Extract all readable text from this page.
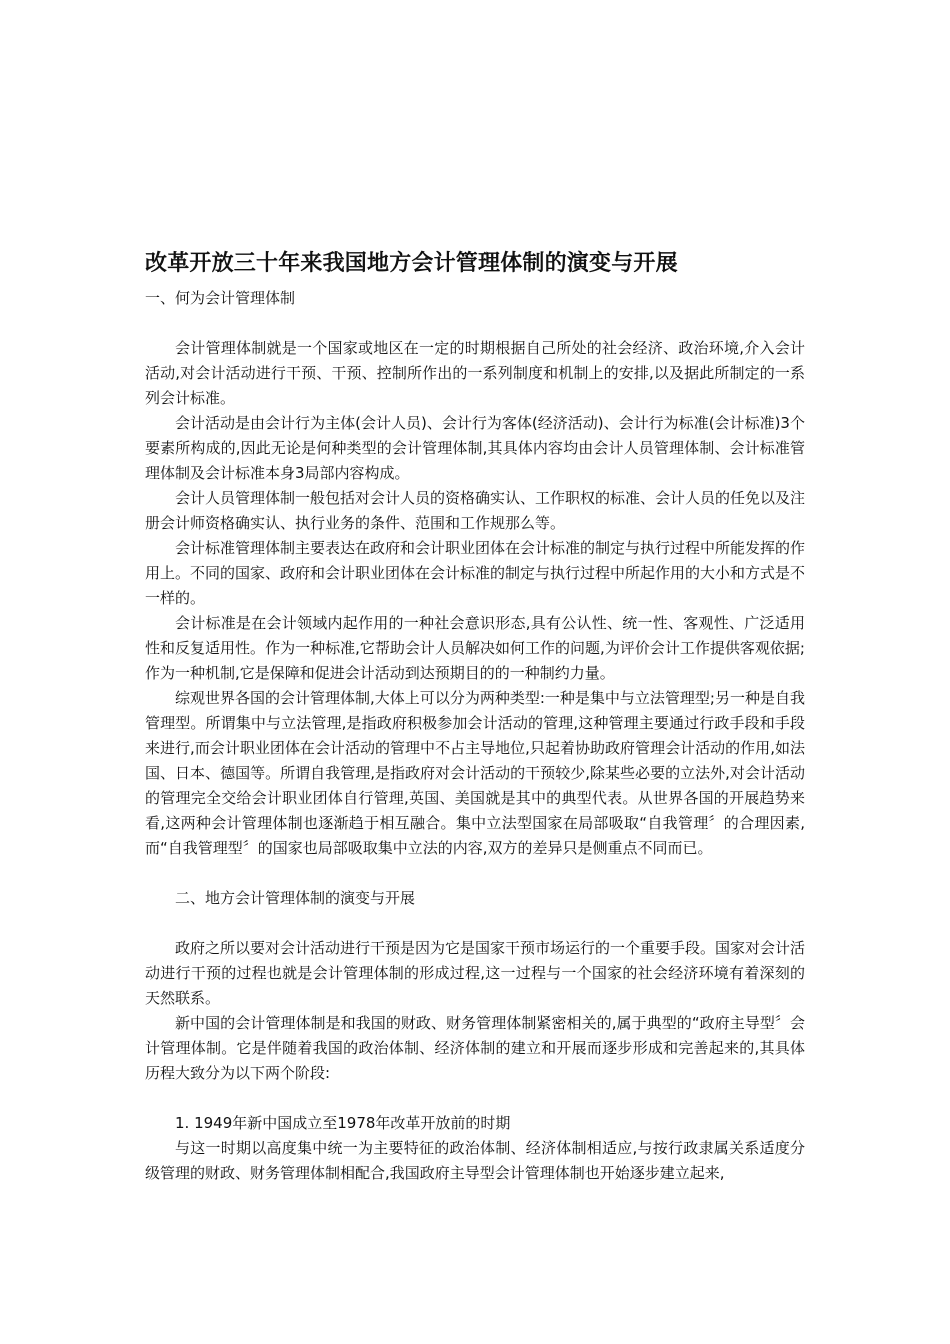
改革开放三十年来我国地方会计管理体制的演变与开展

一、何为会计管理体制

会计管理体制就是一个国家或地区在一定的时期根据自己所处的社会经济、政治环境,介入会计活动,对会计活动进行干预、干预、控制所作出的一系列制度和机制上的安排,以及据此所制定的一系列会计标准。

会计活动是由会计行为主体(会计人员)、会计行为客体(经济活动)、会计行为标准(会计标准)3个要素所构成的,因此无论是何种类型的会计管理体制,其具体内容均由会计人员管理体制、会计标准管理体制及会计标准本身3局部内容构成。

会计人员管理体制一般包括对会计人员的资格确实认、工作职权的标准、会计人员的任免以及注册会计师资格确实认、执行业务的条件、范围和工作规那么等。

会计标准管理体制主要表达在政府和会计职业团体在会计标准的制定与执行过程中所能发挥的作用上。不同的国家、政府和会计职业团体在会计标准的制定与执行过程中所起作用的大小和方式是不一样的。

会计标准是在会计领域内起作用的一种社会意识形态,具有公认性、统一性、客观性、广泛适用性和反复适用性。作为一种标准,它帮助会计人员解决如何工作的问题,为评价会计工作提供客观依据;作为一种机制,它是保障和促进会计活动到达预期目的的一种制约力量。

综观世界各国的会计管理体制,大体上可以分为两种类型:一种是集中与立法管理型;另一种是自我管理型。所谓集中与立法管理,是指政府积极参加会计活动的管理,这种管理主要通过行政手段和手段来进行,而会计职业团体在会计活动的管理中不占主导地位,只起着协助政府管理会计活动的作用,如法国、日本、德国等。所谓自我管理,是指政府对会计活动的干预较少,除某些必要的立法外,对会计活动的管理完全交给会计职业团体自行管理,英国、美国就是其中的典型代表。从世界各国的开展趋势来看,这两种会计管理体制也逐渐趋于相互融合。集中立法型国家在局部吸取“自我管理〞的合理因素,而“自我管理型〞的国家也局部吸取集中立法的内容,双方的差异只是侧重点不同而已。

二、地方会计管理体制的演变与开展

政府之所以要对会计活动进行干预是因为它是国家干预市场运行的一个重要手段。国家对会计活动进行干预的过程也就是会计管理体制的形成过程,这一过程与一个国家的社会经济环境有着深刻的天然联系。

新中国的会计管理体制是和我国的财政、财务管理体制紧密相关的,属于典型的“政府主导型〞会计管理体制。它是伴随着我国的政治体制、经济体制的建立和开展而逐步形成和完善起来的,其具体历程大致分为以下两个阶段:

1. 1949年新中国成立至1978年改革开放前的时期

与这一时期以高度集中统一为主要特征的政治体制、经济体制相适应,与按行政隶属关系适度分级管理的财政、财务管理体制相配合,我国政府主导型会计管理体制也开始逐步建立起来,
